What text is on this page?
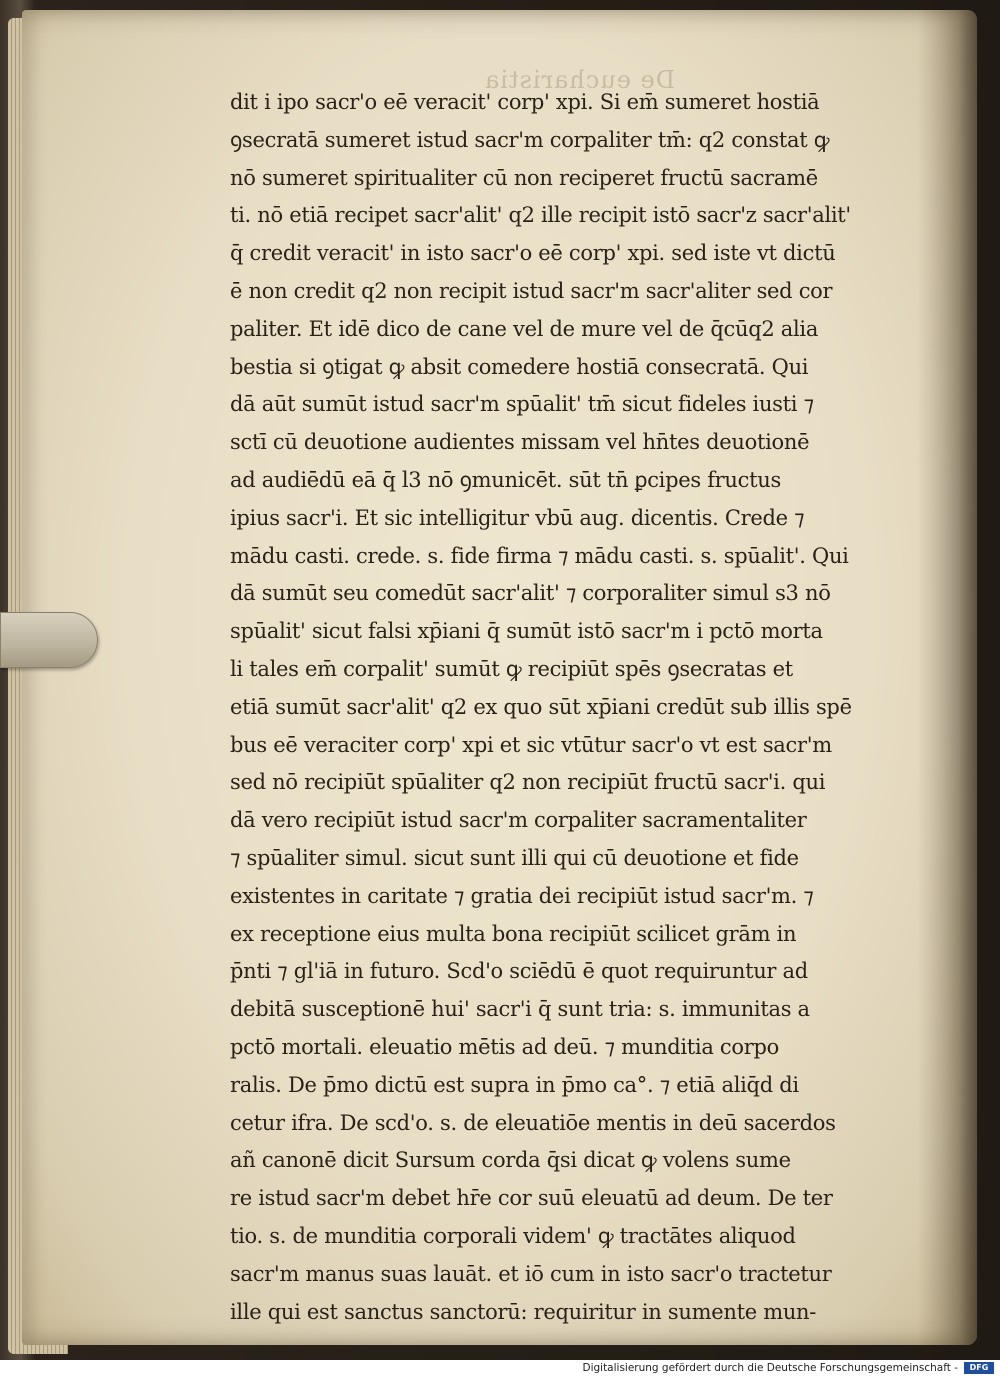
De eucharistia
dit i ipo sacr'o eē veracit' corp' xpi. Si em̄ sumeret hostiā
ꝯsecratā sumeret istud sacr'm corpaliter tm̄: q2 constat ꝙ
nō sumeret spiritualiter cū non reciperet fructū sacramē
ti. nō etiā recipet sacr'alit' q2 ille recipit istō sacr'z sacr'alit'
q̄ credit veracit' in isto sacr'o eē corp' xpi. sed iste vt dictū
ē non credit q2 non recipit istud sacr'm sacr'aliter sed cor
paliter. Et idē dico de cane vel de mure vel de q̄cūq2 alia
bestia si ꝯtigat ꝙ absit comedere hostiā consecratā. Qui
dā aūt sumūt istud sacr'm spūalit' tm̄ sicut fideles iusti ⁊
sctī cū deuotione audientes missam vel hn̄tes deuotionē
ad audiēdū eā q̄ l3 nō ꝯmunicēt. sūt tn̄ ꝑcipes fructus
ipius sacr'i. Et sic intelligitur vbū aug. dicentis. Crede ⁊
mādu casti. crede. s. fide firma ⁊ mādu casti. s. spūalit'. Qui
dā sumūt seu comedūt sacr'alit' ⁊ corporaliter simul s3 nō
spūalit' sicut falsi xp̄iani q̄ sumūt istō sacr'm i pctō morta
li tales em̄ corpalit' sumūt ꝙ recipiūt spēs ꝯsecratas et
etiā sumūt sacr'alit' q2 ex quo sūt xp̄iani credūt sub illis spē
bus eē veraciter corp' xpi et sic vtūtur sacr'o vt est sacr'm
sed nō recipiūt spūaliter q2 non recipiūt fructū sacr'i. qui
dā vero recipiūt istud sacr'm corpaliter sacramentaliter
⁊ spūaliter simul. sicut sunt illi qui cū deuotione et fide
existentes in caritate ⁊ gratia dei recipiūt istud sacr'm. ⁊
ex receptione eius multa bona recipiūt scilicet grām in
p̄nti ⁊ gl'iā in futuro. Scd'o sciēdū ē quot requiruntur ad
debitā susceptionē hui' sacr'i q̄ sunt tria: s. immunitas a
pctō mortali. eleuatio mētis ad deū. ⁊ munditia corpo
ralis. De p̄mo dictū est supra in p̄mo ca°. ⁊ etiā aliq̄d di
cetur ifra. De scd'o. s. de eleuatiōe mentis in deū sacerdos
añ canonē dicit Sursum corda q̄si dicat ꝙ volens sume
re istud sacr'm debet hr̄e cor suū eleuatū ad deum. De ter
tio. s. de munditia corporali videm' ꝙ tractātes aliquod
sacr'm manus suas lauāt. et iō cum in isto sacr'o tractetur
ille qui est sanctus sanctorū: requiritur in sumente mun-
Digitalisierung gefördert durch die Deutsche Forschungsgemeinschaft -	DFG
